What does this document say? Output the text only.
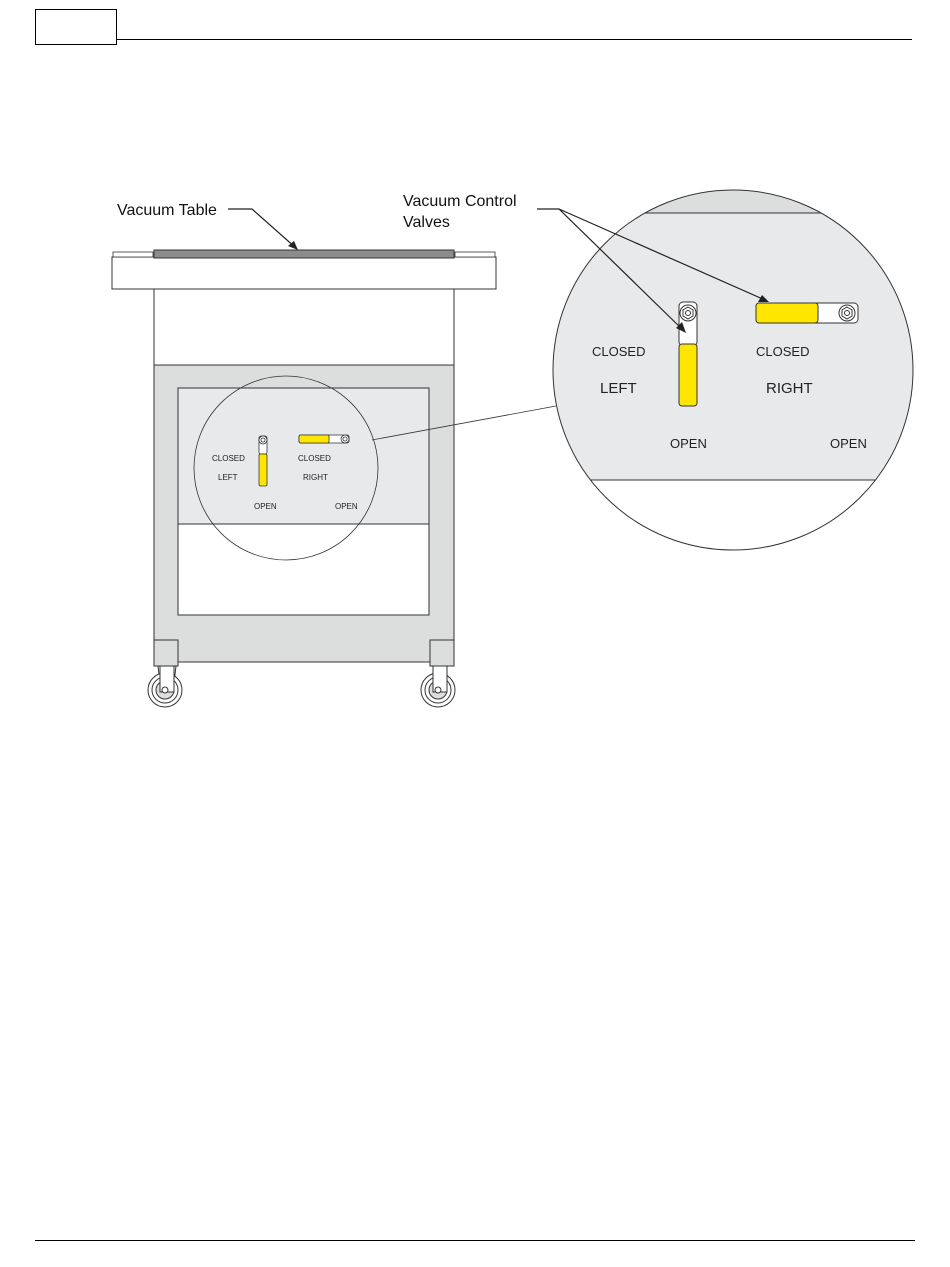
CLOSED
LEFT
OPEN
CLOSED
RIGHT
OPEN
CLOSED
LEFT
OPEN
CLOSED
RIGHT
OPEN
Vacuum Table
Vacuum Control
Valves
